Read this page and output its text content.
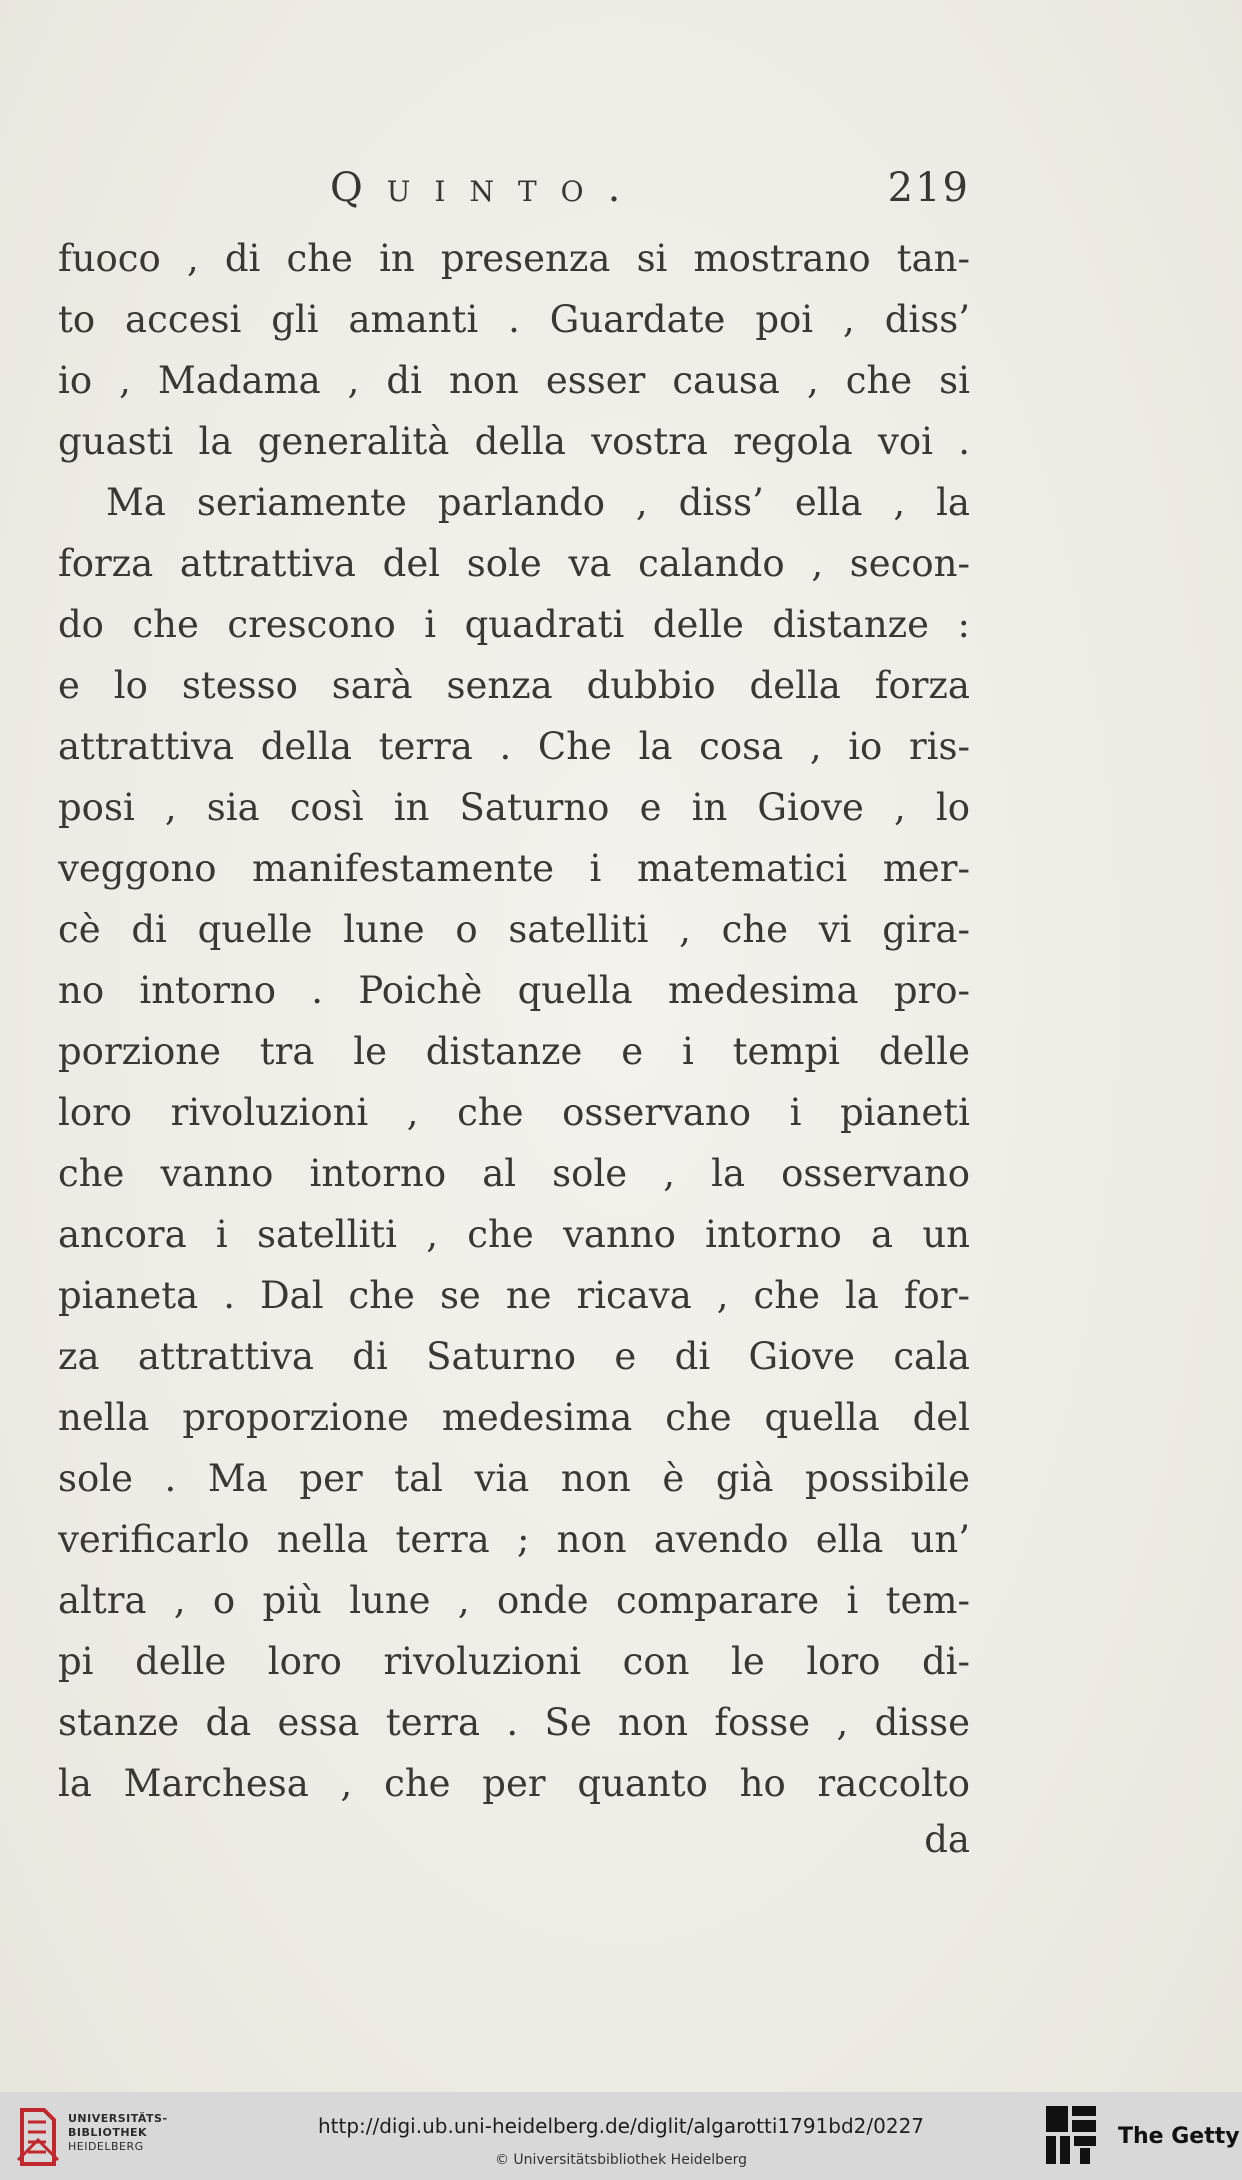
Quinto.	219
fuoco , di che in presenza si mostrano tan-
to accesi gli amanti . Guardate poi , diss’
io , Madama , di non esser causa , che si
guasti la generalità della vostra regola voi .
Ma seriamente parlando , diss’ ella , la
forza attrattiva del sole va calando , secon-
do che crescono i quadrati delle distanze :
e lo stesso sarà senza dubbio della forza
attrattiva della terra . Che la cosa , io ris-
posi , sia così in Saturno e in Giove , lo
veggono manifestamente i matematici mer-
cè di quelle lune o satelliti , che vi gira-
no intorno . Poichè quella medesima pro-
porzione tra le distanze e i tempi delle
loro rivoluzioni , che osservano i pianeti
che vanno intorno al sole , la osservano
ancora i satelliti , che vanno intorno a un
pianeta . Dal che se ne ricava , che la for-
za attrattiva di Saturno e di Giove cala
nella proporzione medesima che quella del
sole . Ma per tal via non è già possibile
verificarlo nella terra ; non avendo ella un’
altra , o più lune , onde comparare i tem-
pi delle loro rivoluzioni con le loro di-
stanze da essa terra . Se non fosse , disse
la Marchesa , che per quanto ho raccolto
da
UNIVERSITÄTS-
BIBLIOTHEK
HEIDELBERG
http://digi.ub.uni-heidelberg.de/diglit/algarotti1791bd2/0227
© Universitätsbibliothek Heidelberg
The Getty
